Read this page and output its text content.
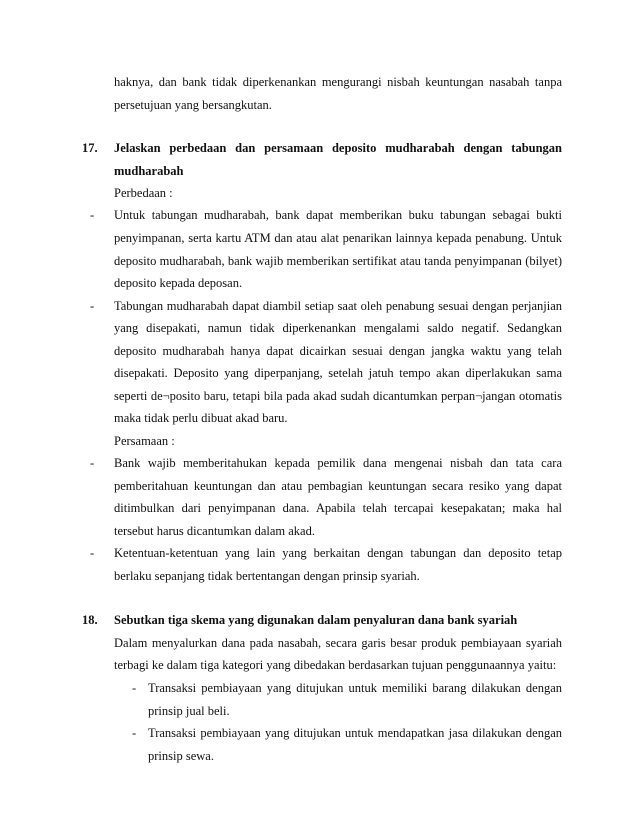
haknya, dan bank tidak diperkenankan mengurangi nisbah keuntungan nasabah tanpa
persetujuan yang bersangkutan.
17. Jelaskan perbedaan dan persamaan deposito mudharabah dengan tabungan
mudharabah
Perbedaan :
- Untuk tabungan mudharabah, bank dapat memberikan buku tabungan sebagai bukti
penyimpanan, serta kartu ATM dan atau alat penarikan lainnya kepada penabung. Untuk
deposito mudharabah, bank wajib memberikan sertifikat atau tanda penyimpanan (bilyet)
deposito kepada deposan.
- Tabungan mudharabah dapat diambil setiap saat oleh penabung sesuai dengan perjanjian
yang disepakati, namun tidak diperkenankan mengalami saldo negatif. Sedangkan
deposito mudharabah hanya dapat dicairkan sesuai dengan jangka waktu yang telah
disepakati. Deposito yang diperpanjang, setelah jatuh tempo akan diperlakukan sama
seperti de¬posito baru, tetapi bila pada akad sudah dicantumkan perpan¬jangan otomatis
maka tidak perlu dibuat akad baru.
Persamaan :
- Bank wajib memberitahukan kepada pemilik dana mengenai nisbah dan tata cara
pemberitahuan keuntungan dan atau pembagian keuntungan secara resiko yang dapat
ditimbulkan dari penyimpanan dana. Apabila telah tercapai kesepakatan; maka hal
tersebut harus dicantumkan dalam akad.
- Ketentuan-ketentuan yang lain yang berkaitan dengan tabungan dan deposito tetap
berlaku sepanjang tidak bertentangan dengan prinsip syariah.
18. Sebutkan tiga skema yang digunakan dalam penyaluran dana bank syariah
Dalam menyalurkan dana pada nasabah, secara garis besar produk pembiayaan syariah
terbagi ke dalam tiga kategori yang dibedakan berdasarkan tujuan penggunaannya yaitu:
- Transaksi pembiayaan yang ditujukan untuk memiliki barang dilakukan dengan
prinsip jual beli.
- Transaksi pembiayaan yang ditujukan untuk mendapatkan jasa dilakukan dengan
prinsip sewa.
